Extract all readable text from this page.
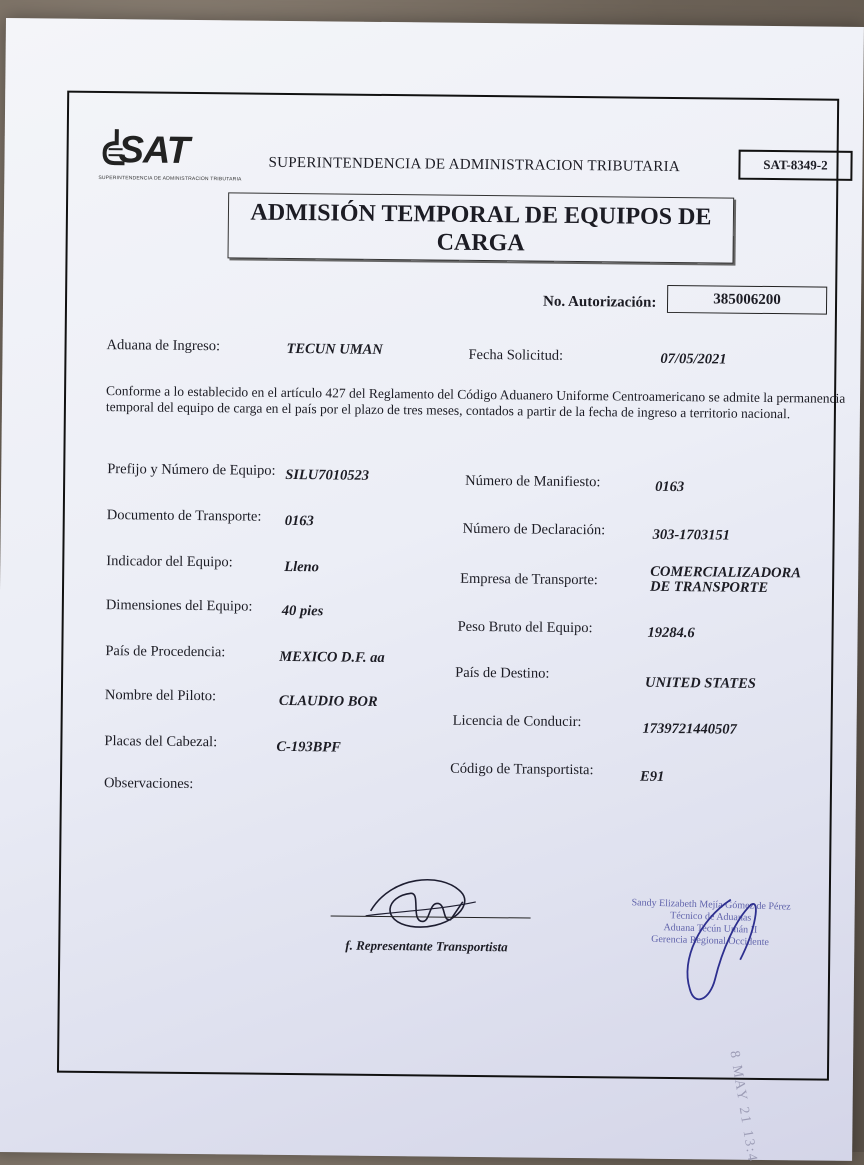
SAT
SUPERINTENDENCIA DE ADMINISTRACION TRIBUTARIA
SUPERINTENDENCIA DE ADMINISTRACION TRIBUTARIA	SAT-8349-2
ADMISIÓN TEMPORAL DE EQUIPOS DE
CARGA
No. Autorización:	385006200
Aduana de Ingreso:	TECUN UMAN	Fecha Solicitud:	07/05/2021
Conforme a lo establecido en el artículo 427 del Reglamento del Código Aduanero Uniforme Centroamericano se admite la permanencia temporal del equipo de carga en el país por el plazo de tres meses, contados a partir de la fecha de ingreso a territorio nacional.
Prefijo y Número de Equipo: SILU7010523
Documento de Transporte: 0163
Indicador del Equipo:	Lleno
Dimensiones del Equipo: 40 pies
País de Procedencia:	MEXICO D.F. aa
Nombre del Piloto:	CLAUDIO BOR
Placas del Cabezal:	C-193BPF
Observaciones:
Número de Manifiesto:	0163
Número de Declaración:	303-1703151
Empresa de Transporte:	COMERCIALIZADORA
DE TRANSPORTE
Peso Bruto del Equipo:	19284.6
País de Destino:
UNITED STATES
Licencia de Conducir:	1739721440507
Código de Transportista:	E91
f. Representante Transportista
Sandy Elizabeth Mejía Gómez de Pérez
Técnico de Aduanas
Aduana Tecún Umán II
Gerencia Regional Occidente
8 MAY 21 13:4
